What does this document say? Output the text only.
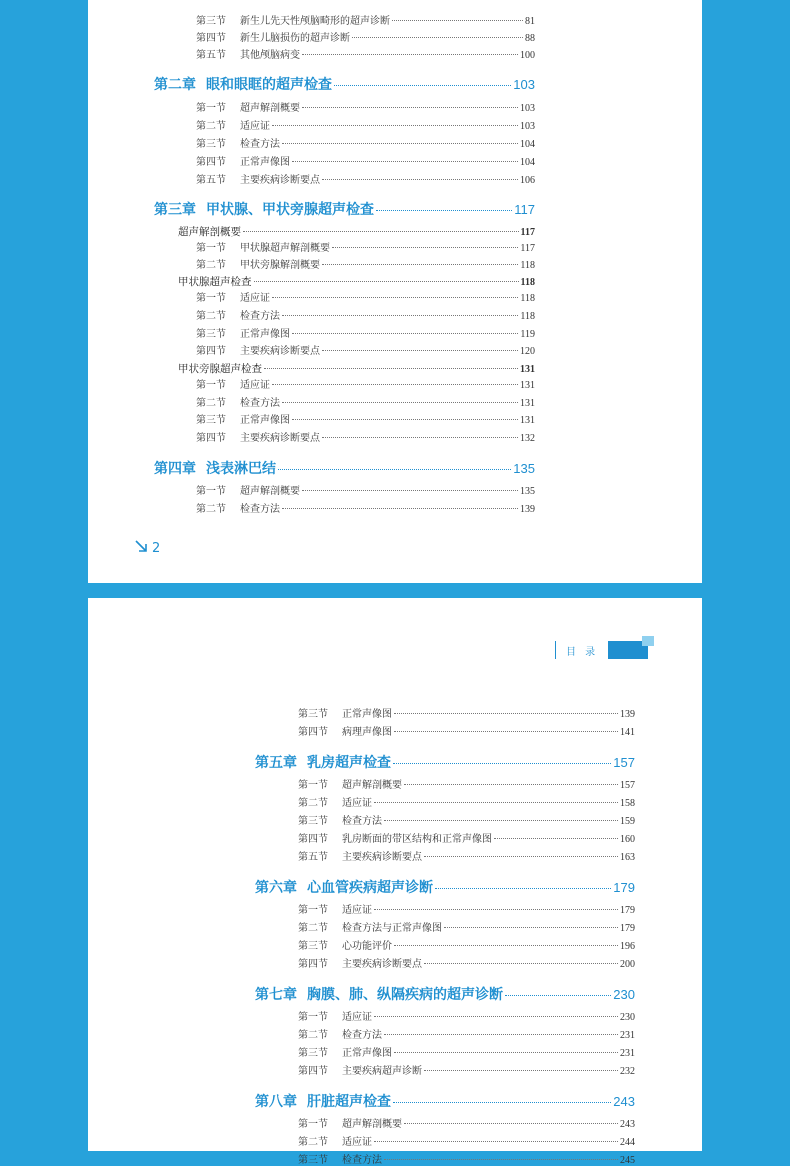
第三节	新生儿先天性颅脑畸形的超声诊断	81
第四节	新生儿脑损伤的超声诊断	88
第五节	其他颅脑病变	100
第二章 眼和眼眶的超声检查	103
第一节	超声解剖概要	103
第二节	适应证	103
第三节	检查方法	104
第四节	正常声像图	104
第五节	主要疾病诊断要点	106
第三章 甲状腺、甲状旁腺超声检查	117
超声解剖概要	117
第一节	甲状腺超声解剖概要	117
第二节	甲状旁腺解剖概要	118
甲状腺超声检查	118
第一节	适应证	118
第二节	检查方法	118
第三节	正常声像图	119
第四节	主要疾病诊断要点	120
甲状旁腺超声检查	131
第一节	适应证	131
第二节	检查方法	131
第三节	正常声像图	131
第四节	主要疾病诊断要点	132
第四章 浅表淋巴结	135
第一节	超声解剖概要	135
第二节	检查方法	139
2
目 录
第三节	正常声像图	139
第四节	病理声像图	141
第五章 乳房超声检查	157
第一节	超声解剖概要	157
第二节	适应证	158
第三节	检查方法	159
第四节	乳房断面的带区结构和正常声像图	160
第五节	主要疾病诊断要点	163
第六章 心血管疾病超声诊断	179
第一节	适应证	179
第二节	检查方法与正常声像图	179
第三节	心功能评价	196
第四节	主要疾病诊断要点	200
第七章 胸膜、肺、纵隔疾病的超声诊断	230
第一节	适应证	230
第二节	检查方法	231
第三节	正常声像图	231
第四节	主要疾病超声诊断	232
第八章 肝脏超声检查	243
第一节	超声解剖概要	243
第二节	适应证	244
第三节	检查方法	245
